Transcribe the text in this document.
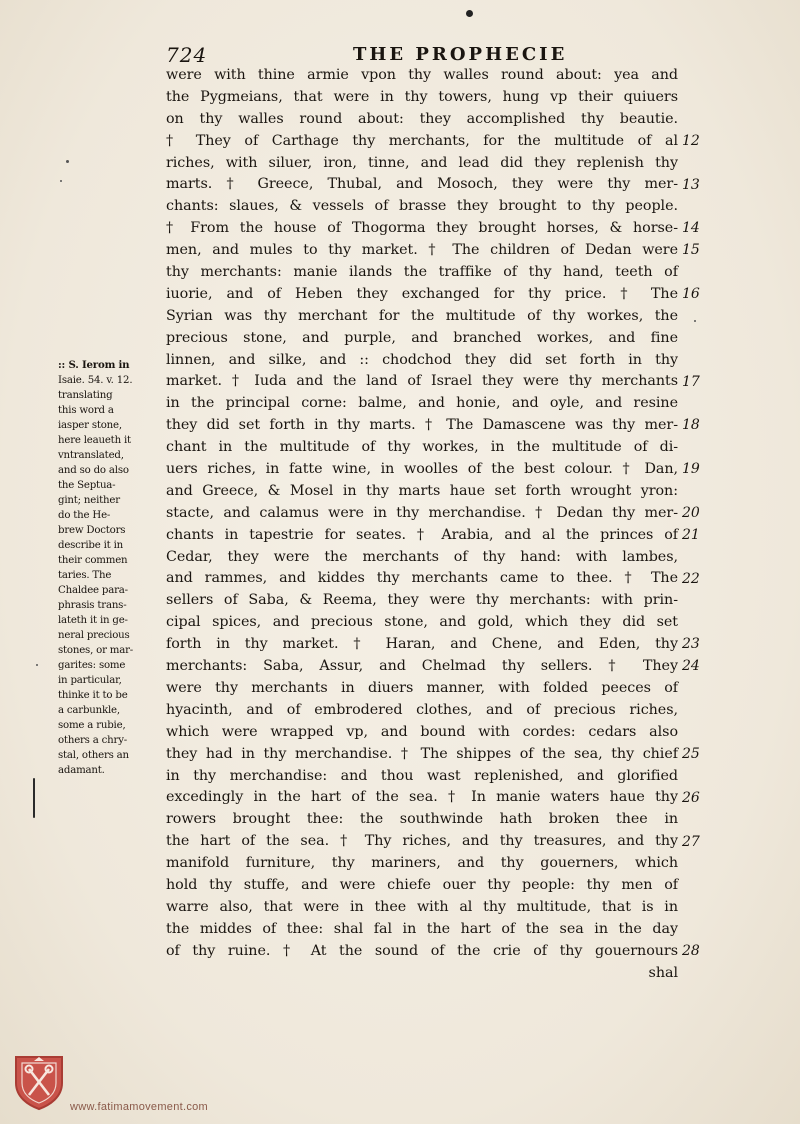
724	THE PROPHECIE
:: S. Ierom in
Isaie. 54. v. 12.
translating
this word a
iasper stone,
here leaueth it
vntranslated,
and so do also
the Septua-
gint; neither
do the He-
brew Doctors
describe it in
their commen
taries. The
Chaldee para-
phrasis trans-
lateth it in ge-
neral precious
stones, or mar-
garites: some
in particular,
thinke it to be
a carbunkle,
some a rubie,
others a chry-
stal, others an
adamant.
were with thine armie vpon thy walles round about: yea and
the Pygmeians, that were in thy towers, hung vp their quiuers
on thy walles round about: they accomplished thy beautie.
† They of Carthage thy merchants, for the multitude of al
riches, with siluer, iron, tinne, and lead did they replenish thy
marts. † Greece, Thubal, and Mosoch, they were thy mer-
chants: slaues, & vessels of brasse they brought to thy people.
† From the house of Thogorma they brought horses, & horse-
men, and mules to thy market. † The children of Dedan were
thy merchants: manie ilands the traffike of thy hand, teeth of
iuorie, and of Heben they exchanged for thy price. † The
Syrian was thy merchant for the multitude of thy workes, the
precious stone, and purple, and branched workes, and fine
linnen, and silke, and :: chodchod they did set forth in thy
market. † Iuda and the land of Israel they were thy merchants
in the principal corne: balme, and honie, and oyle, and resine
they did set forth in thy marts. † The Damascene was thy mer-
chant in the multitude of thy workes, in the multitude of di-
uers riches, in fatte wine, in woolles of the best colour. † Dan,
and Greece, & Mosel in thy marts haue set forth wrought yron:
stacte, and calamus were in thy merchandise. † Dedan thy mer-
chants in tapestrie for seates. † Arabia, and al the princes of
Cedar, they were the merchants of thy hand: with lambes,
and rammes, and kiddes thy merchants came to thee. † The
sellers of Saba, & Reema, they were thy merchants: with prin-
cipal spices, and precious stone, and gold, which they did set
forth in thy market. † Haran, and Chene, and Eden, thy
merchants: Saba, Assur, and Chelmad thy sellers. † They
were thy merchants in diuers manner, with folded peeces of
hyacinth, and of embrodered clothes, and of precious riches,
which were wrapped vp, and bound with cordes: cedars also
they had in thy merchandise. † The shippes of the sea, thy chief
in thy merchandise: and thou wast replenished, and glorified
excedingly in the hart of the sea. † In manie waters haue thy
rowers brought thee: the southwinde hath broken thee in
the hart of the sea. † Thy riches, and thy treasures, and thy
manifold furniture, thy mariners, and thy gouerners, which
hold thy stuffe, and were chiefe ouer thy people: thy men of
warre also, that were in thee with al thy multitude, that is in
the middes of thee: shal fal in the hart of the sea in the day
of thy ruine. † At the sound of the crie of thy gouernours
shal
12
13
14
15
16
17
18
19
20
21
22
23
24
25
26
27
28
www.fatimamovement.com
